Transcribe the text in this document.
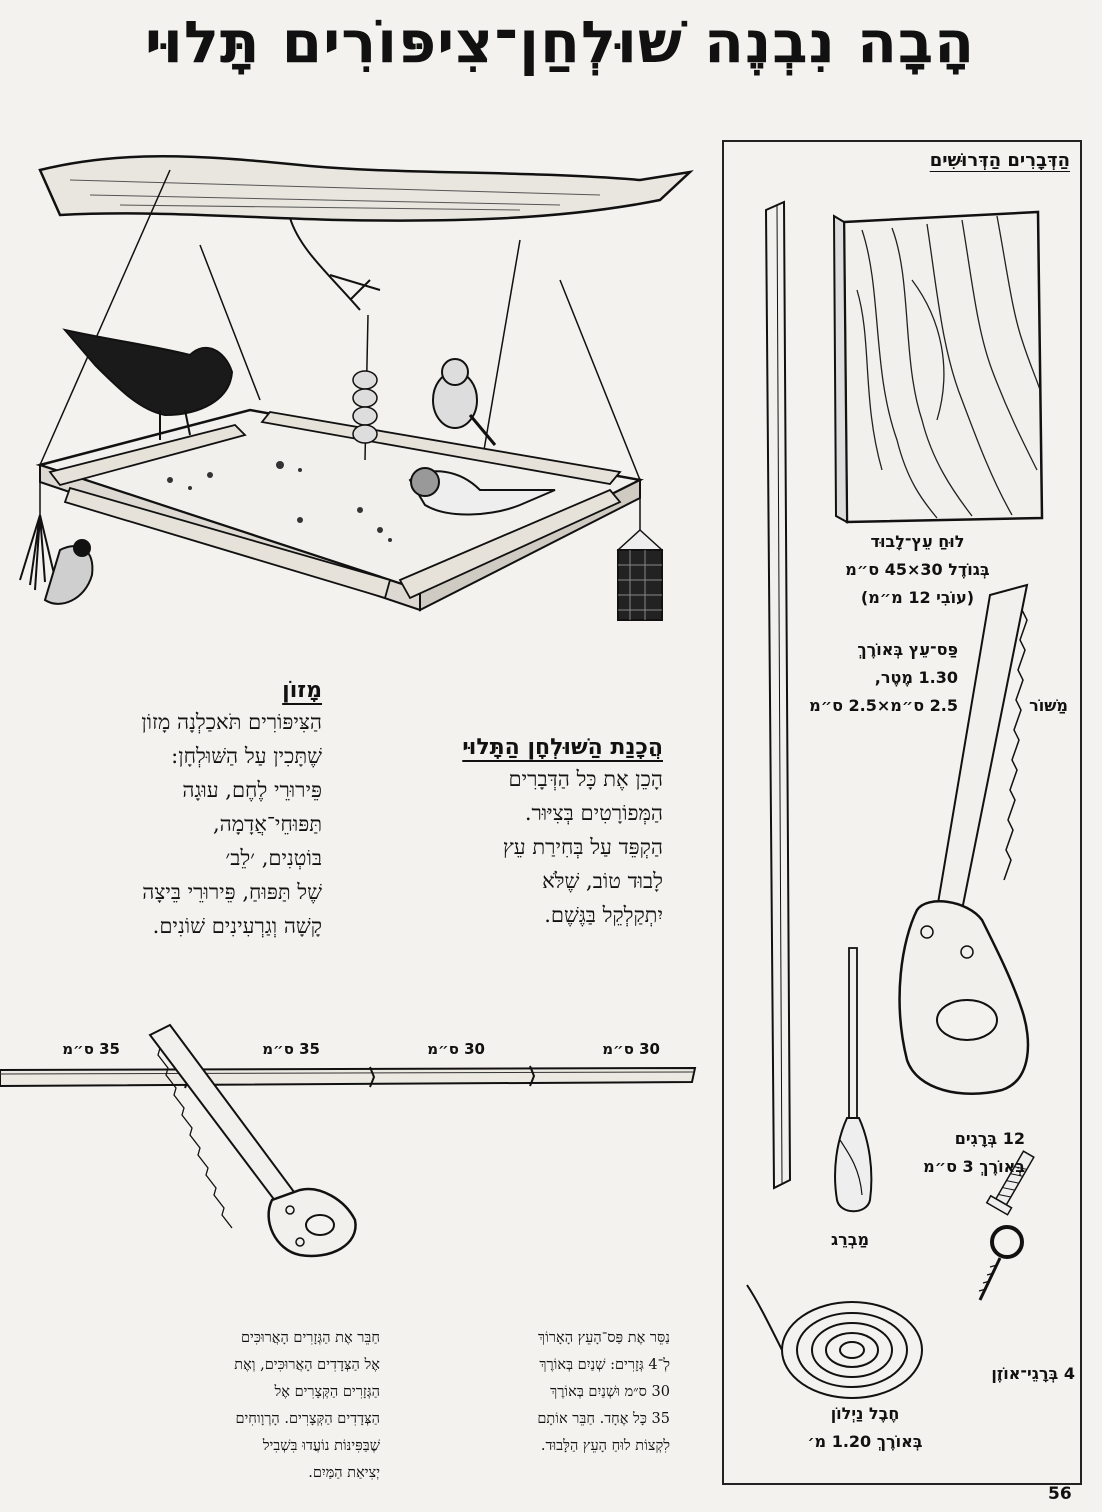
הָבָה נִבְנֶה שׁוּלְחַן־צִיפּוֹרִים תָּלוּי
הַדְּבָרִים הַדְּרוּשִׁים
לוּחַ עֵץ־לָבוּד
בְּגוֹדֶל 30×45 ס״מ
(עוֹבִי 12 מ״מ)
פַּס־עֵץ בְּאוֹרֶךְ
1.30 מֶטֶר,
2.5 ס״מ×2.5 ס״מ	מַשּׁוֹר
12 בְּרָגִים
בְּאוֹרֶךְ 3 ס״מ
מַבְרֵג
4 בְּרָגֵי־אוֹזֶן
חֶבֶל נַיְלוֹן
בְּאוֹרֶךְ 1.20 מ׳
מָזוֹן
הַצִּיפּוֹרִים תֹּאכַלְנָה מָזוֹן
שֶׁתָּכִין עַל הַשּׁוּלְחָן:
פֵּירוּרֵי לֶחֶם, עוּגָה
תַּפּוּחֵי־אֲדָמָה,
בּוֹטְנִים, ׳לֵב׳
שֶׁל תַּפּוּחַ, פֵּירוּרֵי בֵּיצָה
קָשָׁה וְגַרְעִינִים שׁוֹנִים.
הֲכָנַת הַשּׁוּלְחָן הַתָּלוּי
הָכֵן אֶת כָּל הַדְּבָרִים
הַמְּפוֹרָטִים בְּצִיּוּר.
הַקְפֵּד עַל בְּחִירַת עֵץ
לָבוּד טוֹב, שֶׁלֹּא
יִתְקַלְקֵל בַּגֶּשֶׁם.
30 ס״מ
30 ס״מ
35 ס״מ
35 ס״מ
נַסֵּר אֶת פַּס־הָעֵץ הָאָרוֹךְ
לְ־4 גְּזָרִים: שְׁנַיִם בְּאוֹרֶךְ
30 ס״מ וּשְׁנַיִם בְּאוֹרֶךְ
35 כָּל אֶחָד. חַבֵּר אוֹתָם
לִקְצוֹת לוּחַ הָעֵץ הַלָּבוּד.
חַבֵּר אֶת הַגְּזָרִים הָאֲרוּכִּים
אֶל הַצְּדָדִים הָאֲרוּכִּים, וְאֶת
הַגְּזָרִים הַקְּצָרִים אֶל
הַצְּדָדִים הַקְּצָרִים. הָרְוָוחִים
שֶׁבַּפִּינּוֹת נוֹעֲדוּ בִּשְׁבִיל
יְצִיאַת הַמַּיִם.
56
